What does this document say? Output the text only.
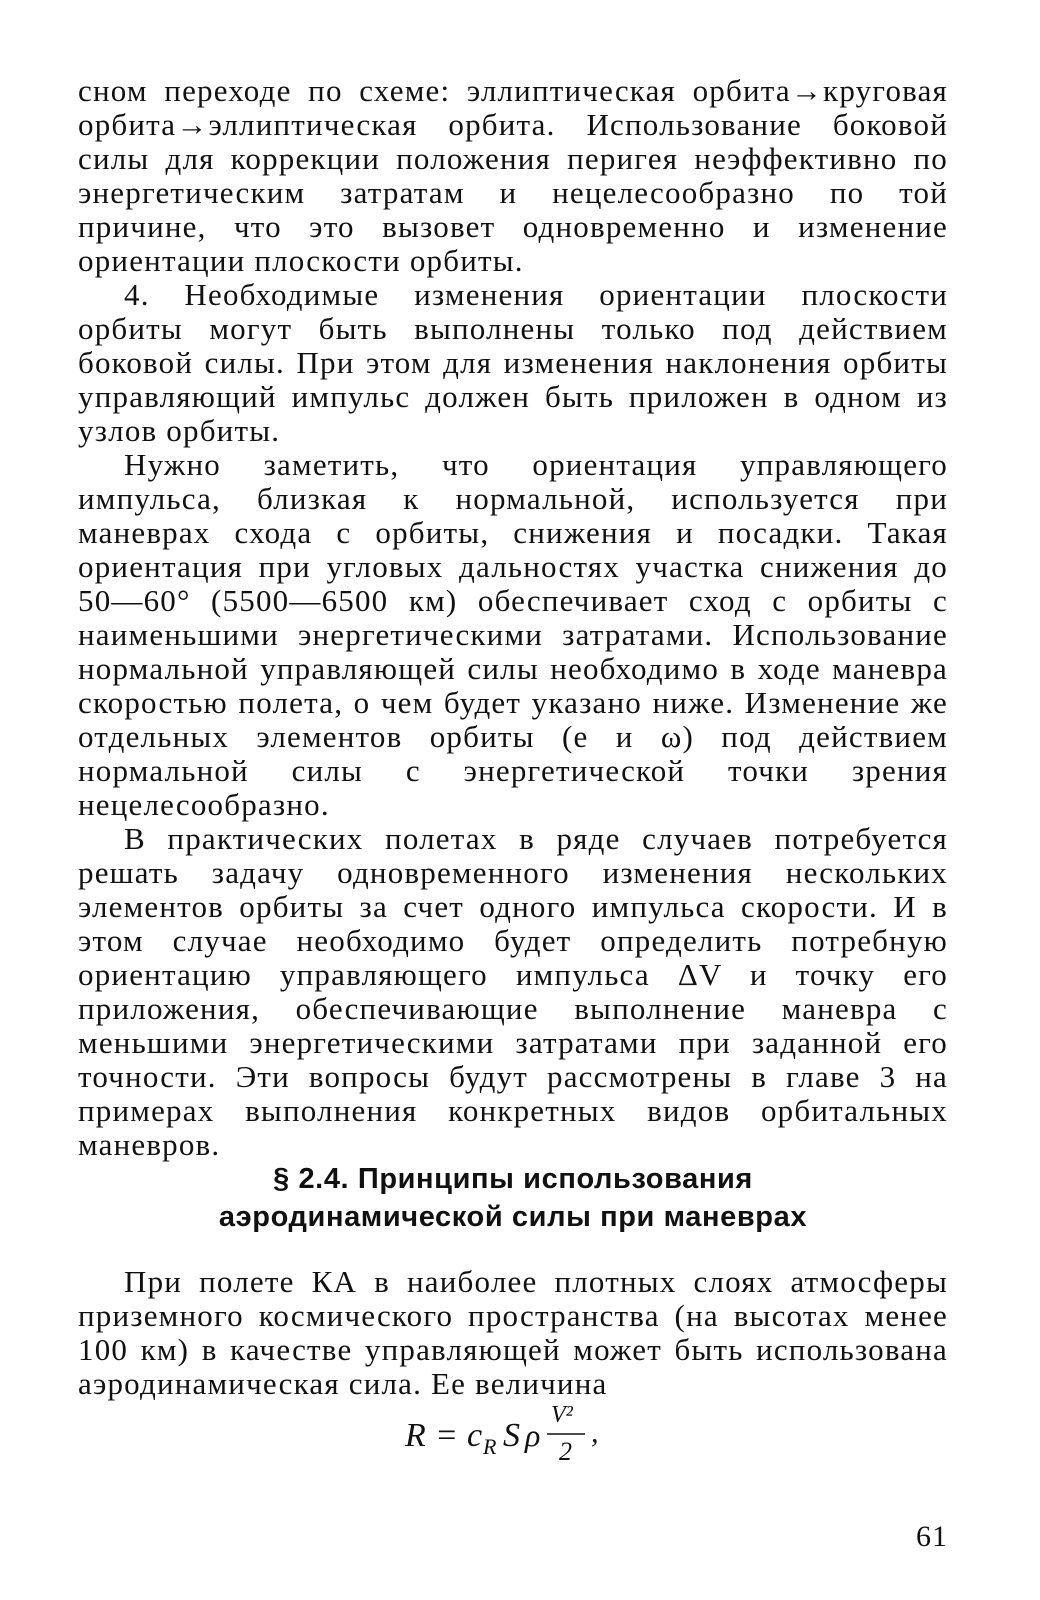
сном переходе по схеме: эллиптическая орбита→круговая орбита→эллиптическая орбита. Использование боковой силы для коррекции положения перигея неэффективно по энергетическим затратам и нецелесообразно по той причине, что это вызовет одновременно и изменение ориентации плоскости орбиты.

4. Необходимые изменения ориентации плоскости орбиты могут быть выполнены только под действием боковой силы. При этом для изменения наклонения орбиты управляющий импульс должен быть приложен в одном из узлов орбиты.

Нужно заметить, что ориентация управляющего импульса, близкая к нормальной, используется при маневрах схода с орбиты, снижения и посадки. Такая ориентация при угловых дальностях участка снижения до 50—60° (5500—6500 км) обеспечивает сход с орбиты с наименьшими энергетическими затратами. Использование нормальной управляющей силы необходимо в ходе маневра скоростью полета, о чем будет указано ниже. Изменение же отдельных элементов орбиты (e и ω) под действием нормальной силы с энергетической точки зрения нецелесообразно.

В практических полетах в ряде случаев потребуется решать задачу одновременного изменения нескольких элементов орбиты за счет одного импульса скорости. И в этом случае необходимо будет определить потребную ориентацию управляющего импульса ΔV и точку его приложения, обеспечивающие выполнение маневра с меньшими энергетическими затратами при заданной его точности. Эти вопросы будут рассмотрены в главе 3 на примерах выполнения конкретных видов орбитальных маневров.

§ 2.4. Принципы использования
аэродинамической силы при маневрах

При полете КА в наиболее плотных слоях атмосферы приземного космического пространства (на высотах менее 100 км) в качестве управляющей может быть использована аэродинамическая сила. Ее величина

R = c R S ρ
V²
2
,
61
